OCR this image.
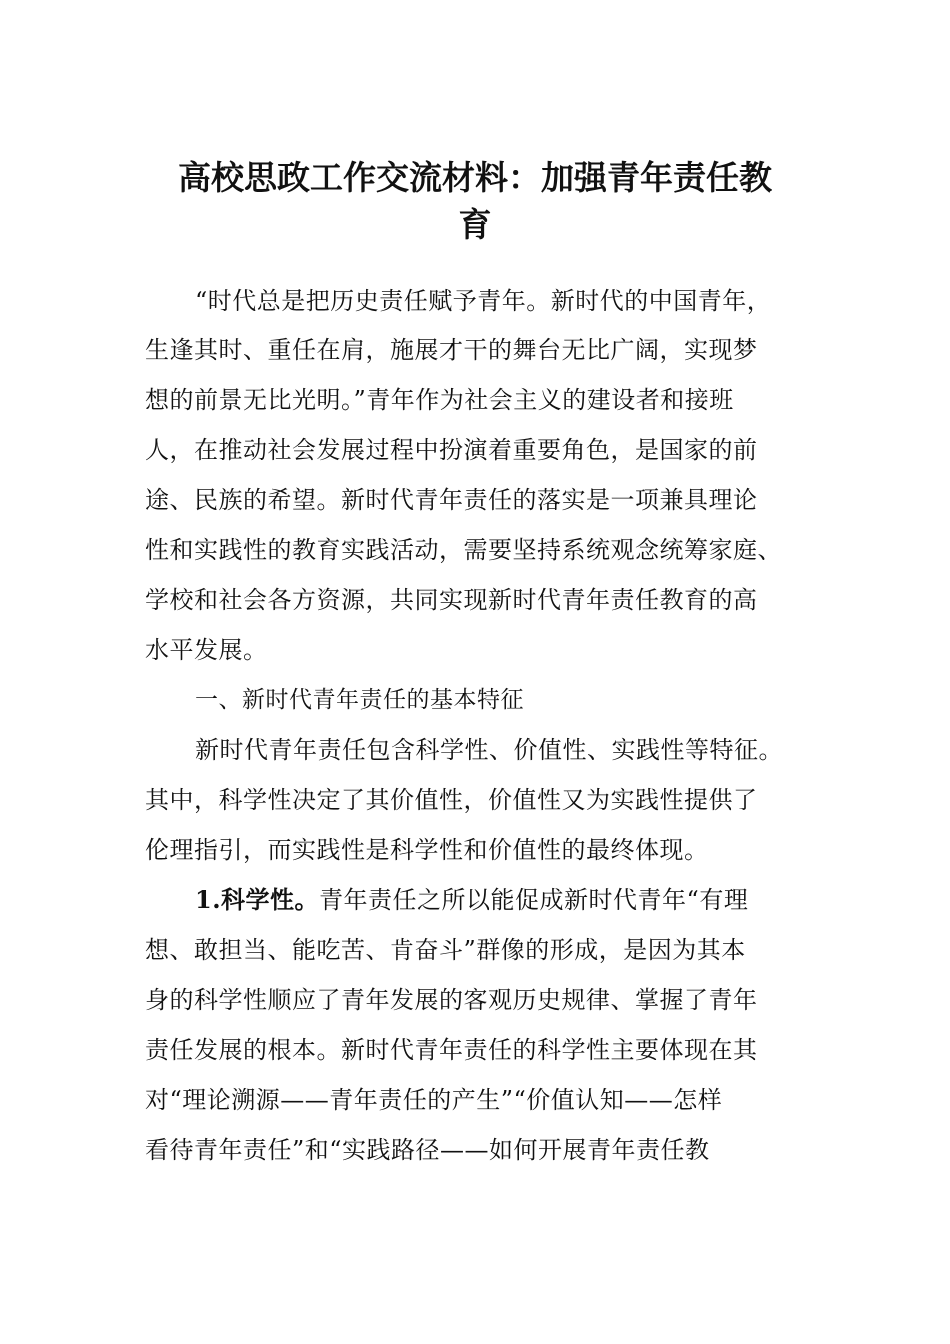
高校思政工作交流材料：加强青年责任教
育
“时代总是把历史责任赋予青年。新时代的中国青年，
生逢其时、重任在肩，施展才干的舞台无比广阔，实现梦
想的前景无比光明。”青年作为社会主义的建设者和接班
人，在推动社会发展过程中扮演着重要角色，是国家的前
途、民族的希望。新时代青年责任的落实是一项兼具理论
性和实践性的教育实践活动，需要坚持系统观念统筹家庭、
学校和社会各方资源，共同实现新时代青年责任教育的高
水平发展。
一、新时代青年责任的基本特征
新时代青年责任包含科学性、价值性、实践性等特征。
其中，科学性决定了其价值性，价值性又为实践性提供了
伦理指引，而实践性是科学性和价值性的最终体现。
1.科学性。青年责任之所以能促成新时代青年“有理
想、敢担当、能吃苦、肯奋斗”群像的形成，是因为其本
身的科学性顺应了青年发展的客观历史规律、掌握了青年
责任发展的根本。新时代青年责任的科学性主要体现在其
对“理论溯源——青年责任的产生”“价值认知——怎样
看待青年责任”和“实践路径——如何开展青年责任教
